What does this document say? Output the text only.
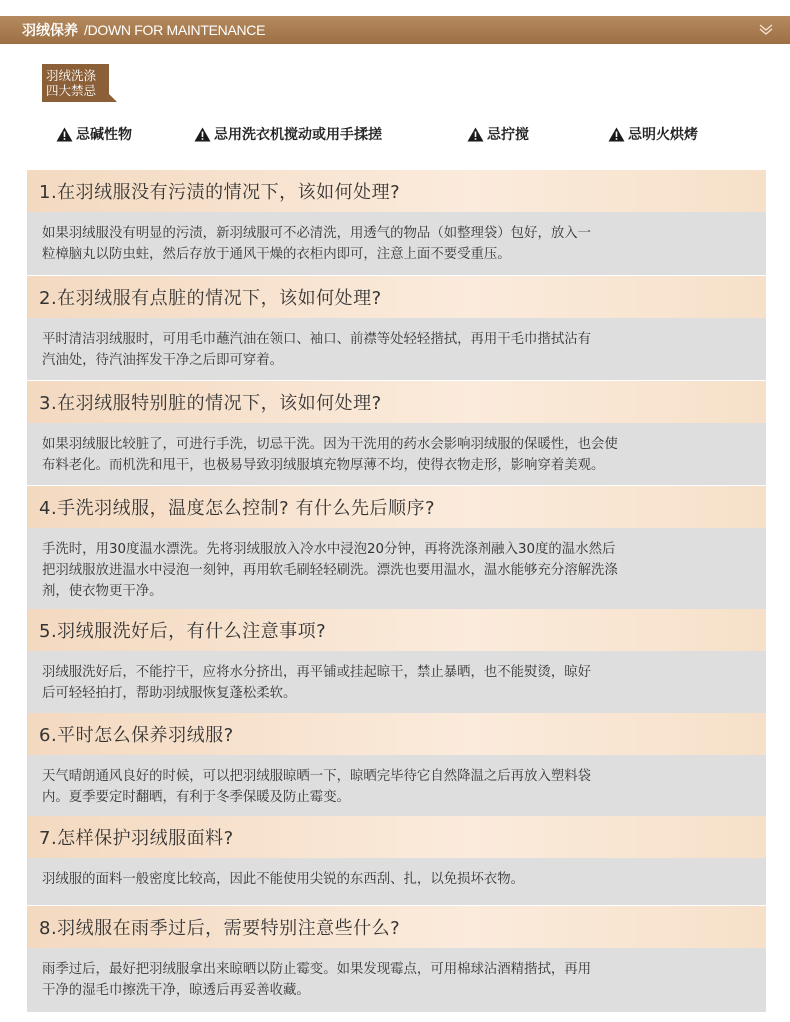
羽绒保养 /DOWN FOR MAINTENANCE
羽绒洗涤
四大禁忌
忌碱性物	忌用洗衣机搅动或用手揉搓	忌拧搅	忌明火烘烤
1.在羽绒服没有污渍的情况下，该如何处理?
如果羽绒服没有明显的污渍，新羽绒服可不必清洗，用透气的物品（如整理袋）包好，放入一
粒樟脑丸以防虫蛀，然后存放于通风干燥的衣柜内即可，注意上面不要受重压。
2.在羽绒服有点脏的情况下，该如何处理?
平时清洁羽绒服时，可用毛巾蘸汽油在领口、袖口、前襟等处轻轻揩拭，再用干毛巾揩拭沾有
汽油处，待汽油挥发干净之后即可穿着。
3.在羽绒服特别脏的情况下，该如何处理?
如果羽绒服比较脏了，可进行手洗，切忌干洗。因为干洗用的药水会影响羽绒服的保暖性，也会使
布料老化。而机洗和甩干，也极易导致羽绒服填充物厚薄不均，使得衣物走形，影响穿着美观。
4.手洗羽绒服，温度怎么控制? 有什么先后顺序?
手洗时，用30度温水漂洗。先将羽绒服放入冷水中浸泡20分钟，再将洗涤剂融入30度的温水然后
把羽绒服放进温水中浸泡一刻钟，再用软毛刷轻轻刷洗。漂洗也要用温水，温水能够充分溶解洗涤
剂，使衣物更干净。
5.羽绒服洗好后，有什么注意事项?
羽绒服洗好后，不能拧干，应将水分挤出，再平铺或挂起晾干，禁止暴晒，也不能熨烫，晾好
后可轻轻拍打，帮助羽绒服恢复蓬松柔软。
6.平时怎么保养羽绒服?
天气晴朗通风良好的时候，可以把羽绒服晾晒一下，晾晒完毕待它自然降温之后再放入塑料袋
内。夏季要定时翻晒，有利于冬季保暖及防止霉变。
7.怎样保护羽绒服面料?
羽绒服的面料一般密度比较高，因此不能使用尖锐的东西刮、扎，以免损坏衣物。
8.羽绒服在雨季过后，需要特别注意些什么?
雨季过后，最好把羽绒服拿出来晾晒以防止霉变。如果发现霉点，可用棉球沾酒精揩拭，再用
干净的湿毛巾擦洗干净，晾透后再妥善收藏。
